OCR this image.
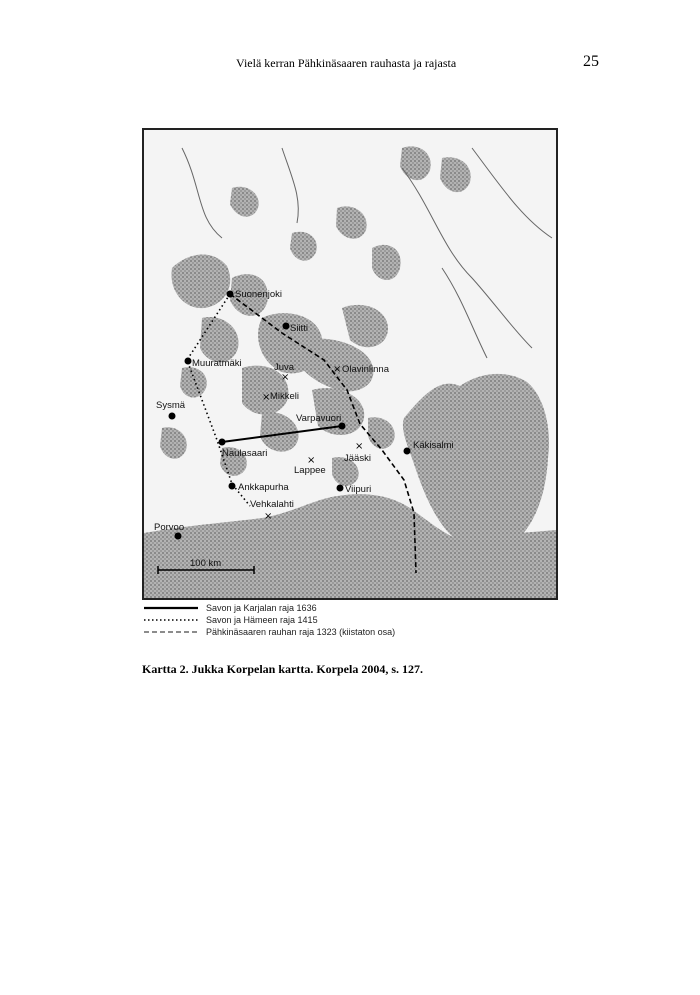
Vielä kerran Pähkinäsaaren rauhasta ja rajasta	25
×
×
×
×
×
×
Suonenjoki
Siitti
Muuratmäki	Juva	Olavinlinna
Sysmä
Mikkeli
Varpavuori
Käkisalmi
Naulasaari	Jääski
Lappee
Ankkapurha	Viipuri
Vehkalahti
Porvoo
100 km
Savon ja Karjalan raja 1636
Savon ja Hämeen raja 1415
Pähkinäsaaren rauhan raja 1323 (kiistaton osa)
Kartta 2. Jukka Korpelan kartta. Korpela 2004, s. 127.
